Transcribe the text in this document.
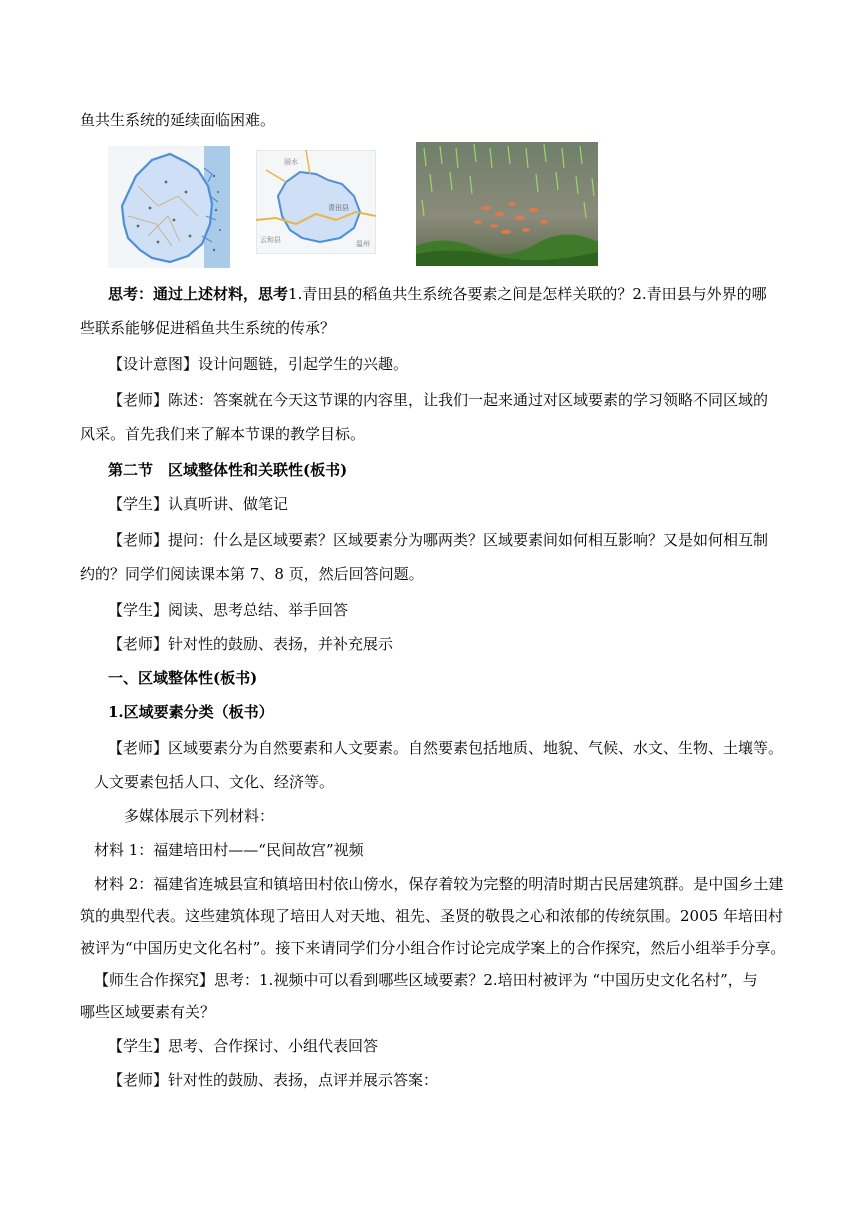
鱼共生系统的延续面临困难。
丽水
青田县
温州
云和县
思考：通过上述材料，思考1.青田县的稻鱼共生系统各要素之间是怎样关联的？2.青田县与外界的哪
些联系能够促进稻鱼共生系统的传承？
【设计意图】设计问题链，引起学生的兴趣。
【老师】陈述：答案就在今天这节课的内容里，让我们一起来通过对区域要素的学习领略不同区域的
风采。首先我们来了解本节课的教学目标。
第二节　区域整体性和关联性(板书)
【学生】认真听讲、做笔记
【老师】提问：什么是区域要素？区域要素分为哪两类？区域要素间如何相互影响？又是如何相互制
约的？同学们阅读课本第 7、8 页，然后回答问题。
【学生】阅读、思考总结、举手回答
【老师】针对性的鼓励、表扬，并补充展示
一、区域整体性(板书)
1.区域要素分类（板书）
【老师】区域要素分为自然要素和人文要素。自然要素包括地质、地貌、气候、水文、生物、土壤等。
人文要素包括人口、文化、经济等。
多媒体展示下列材料：
材料 1：福建培田村——“民间故宫”视频
材料 2：福建省连城县宣和镇培田村依山傍水，保存着较为完整的明清时期古民居建筑群。是中国乡土建
筑的典型代表。这些建筑体现了培田人对天地、祖先、圣贤的敬畏之心和浓郁的传统氛围。2005 年培田村
被评为“中国历史文化名村”。接下来请同学们分小组合作讨论完成学案上的合作探究，然后小组举手分享。
【师生合作探究】思考：1.视频中可以看到哪些区域要素？2.培田村被评为 “中国历史文化名村”，与
哪些区域要素有关？
【学生】思考、合作探讨、小组代表回答
【老师】针对性的鼓励、表扬，点评并展示答案：
